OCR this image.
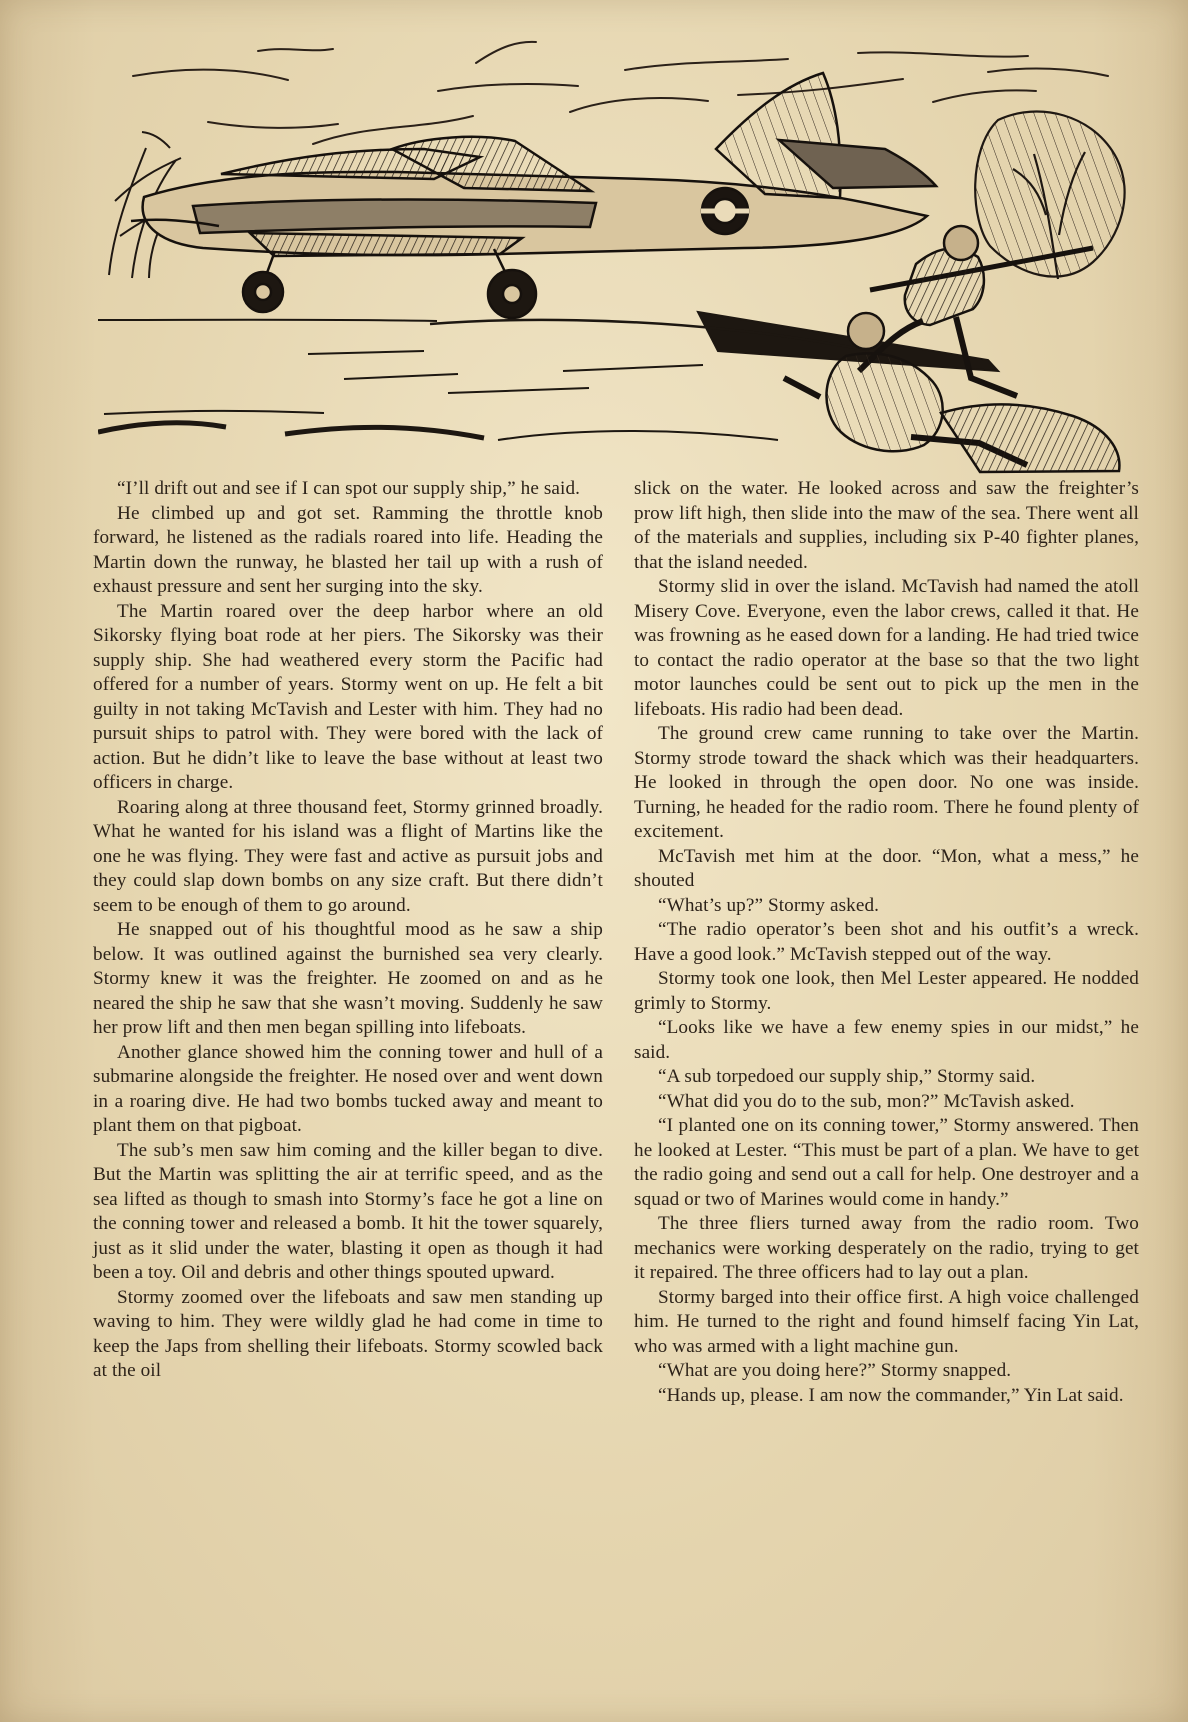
“I’ll drift out and see if I can spot our supply ship,” he said.

He climbed up and got set. Ramming the throttle knob forward, he listened as the radials roared into life. Heading the Martin down the runway, he blasted her tail up with a rush of exhaust pressure and sent her surging into the sky.

The Martin roared over the deep harbor where an old Sikorsky flying boat rode at her piers. The Sikorsky was their supply ship. She had weathered every storm the Pacific had offered for a number of years. Stormy went on up. He felt a bit guilty in not taking McTavish and Lester with him. They had no pursuit ships to patrol with. They were bored with the lack of action. But he didn’t like to leave the base without at least two officers in charge.

Roaring along at three thousand feet, Stormy grinned broadly. What he wanted for his island was a flight of Martins like the one he was flying. They were fast and active as pursuit jobs and they could slap down bombs on any size craft. But there didn’t seem to be enough of them to go around.

He snapped out of his thoughtful mood as he saw a ship below. It was outlined against the burnished sea very clearly. Stormy knew it was the freighter. He zoomed on and as he neared the ship he saw that she wasn’t moving. Suddenly he saw her prow lift and then men began spilling into lifeboats.

Another glance showed him the conning tower and hull of a submarine alongside the freighter. He nosed over and went down in a roaring dive. He had two bombs tucked away and meant to plant them on that pigboat.

The sub’s men saw him coming and the killer began to dive. But the Martin was splitting the air at terrific speed, and as the sea lifted as though to smash into Stormy’s face he got a line on the conning tower and released a bomb. It hit the tower squarely, just as it slid under the water, blasting it open as though it had been a toy. Oil and debris and other things spouted upward.

Stormy zoomed over the lifeboats and saw men standing up waving to him. They were wildly glad he had come in time to keep the Japs from shelling their lifeboats. Stormy scowled back at the oil

slick on the water. He looked across and saw the freighter’s prow lift high, then slide into the maw of the sea. There went all of the materials and supplies, including six P-40 fighter planes, that the island needed.

Stormy slid in over the island. McTavish had named the atoll Misery Cove. Everyone, even the labor crews, called it that. He was frowning as he eased down for a landing. He had tried twice to contact the radio operator at the base so that the two light motor launches could be sent out to pick up the men in the lifeboats. His radio had been dead.

The ground crew came running to take over the Martin. Stormy strode toward the shack which was their headquarters. He looked in through the open door. No one was inside. Turning, he headed for the radio room. There he found plenty of excitement.

McTavish met him at the door. “Mon, what a mess,” he shouted

“What’s up?” Stormy asked.

“The radio operator’s been shot and his outfit’s a wreck. Have a good look.” McTavish stepped out of the way.

Stormy took one look, then Mel Lester appeared. He nodded grimly to Stormy.

“Looks like we have a few enemy spies in our midst,” he said.

“A sub torpedoed our supply ship,” Stormy said.

“What did you do to the sub, mon?” McTavish asked.

“I planted one on its conning tower,” Stormy answered. Then he looked at Lester. “This must be part of a plan. We have to get the radio going and send out a call for help. One destroyer and a squad or two of Marines would come in handy.”

The three fliers turned away from the radio room. Two mechanics were working desperately on the radio, trying to get it repaired. The three officers had to lay out a plan.

Stormy barged into their office first. A high voice challenged him. He turned to the right and found himself facing Yin Lat, who was armed with a light machine gun.

“What are you doing here?” Stormy snapped.

“Hands up, please. I am now the commander,” Yin Lat said.
